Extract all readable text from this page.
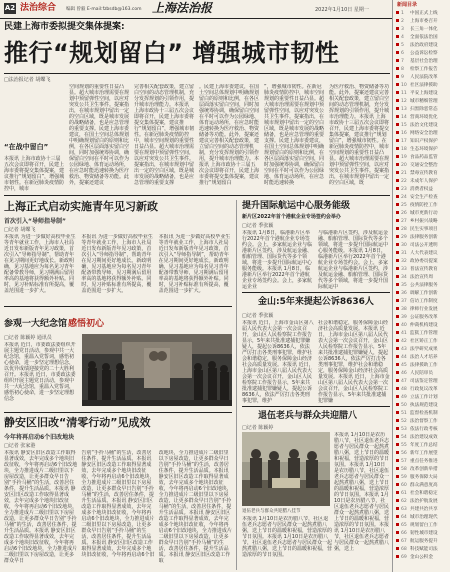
A2 法治综合 编辑 曾毅 E-mail:fzbsdb@163.com 上海法治报	2022年1月10日 星期一
新闻目录
1 中国正式上线
2 上海市委召开
3 长三角一体化
4 全面依法治国
5 法治政府建设
6 公益诉讼检察
7 基层社会治理
8 检察工作报告
9 人民法院改革
10 社区法律援助
11 平安上海建设
12 城市精细管理
13 扫黑除恶常态
14 营商环境优化
15 法治文化建设
16 网络安全治理
17 知识产权保护
18 生态环境保护
19 食品药品监管
20 交通安全整治
21 禁毒宣传教育
22 未成年人保护
23 消费者权益
24 安全生产检查
25 疫情防控工作
26 城市更新行动
27 乡村振兴战略
28 民生实事项目
29 法律服务创新
30 司法公开透明
31 人大代表建议
32 政协委员提案
33 普法宣传教育
34 法治宣传周
35 公共法律服务
36 调解工作创新
37 信访工作制度
38 律师行业发展
39 公证服务改革
40 仲裁机构建设
41 监狱工作管理
42 社区矫正工作
43 法学研究成果
44 法治人才培养
45 法律援助工作
46 人民陪审员
47 司法鉴定管理
48 行政复议改革
49 立法工作计划
50 执法规范建设
51 监督检查机制
52 法治督察工作
53 依法行政考核
54 法治建设成效
55 年度工作总结
56 新年工作展望
57 重点任务推进
58 改革创新举措
59 服务保障大局
60 群众满意度高
61 社会和谐稳定
62 法治护航发展
63 共建共治共享
64 城市治理现代
65 规划留白工作
66 韧性城市建设
67 航运服务提升
68 科技赋能司法
69 金山公积金
民建上海市委拟提交集体提案:
推行“规划留白” 增强城市韧性
□法治报记者 胡蝶飞
“在战中留白”
本报讯 上海市政协十三届五次会议即将召开，民建上海市委将提交集体提案，建议推行“规划留白”，增强城市韧性。在新冠肺炎疫情防控中，城市
空间规划的重要性日益凸显。超大城市治理需要在规划中预留弹性空间，以应对突发公共卫生事件。提案指出，在城市规划中留出一定的空白区域，既是城市发展的战略储备，也是应急管理的重要支撑。民建上海市委建议，在国土空间总体规划中明确规划留白的原则和比例，在各区层面落实留白空间，同时加强统筹协调，确保留白空间在平时可以作为公园绿地、体育运动场所，在应急时能迅速转换为医疗救治、物资储备等功能。此外，提案还建议
完善相关配套政策，建立留白空间的动态管理机制，充分发挥规划的引领作用，提升城市治理能力。本报讯 上海市政协十三届五次会议即将召开，民建上海市委将提交集体提案，建议推行“规划留白”，增强城市韧性。在新冠肺炎疫情防控中，城市空间规划的重要性日益凸显。超大城市治理需要在规划中预留弹性空间，以应对突发公共卫生事件。提案指出，在城市规划中留出一定的空白区域，既是城市发展的战略储备，也是应急管理的重要支撑
。民建上海市委建议，在国土空间总体规划中明确规划留白的原则和比例，在各区层面落实留白空间，同时加强统筹协调，确保留白空间在平时可以作为公园绿地、体育运动场所，在应急时能迅速转换为医疗救治、物资储备等功能。此外，提案还建议完善相关配套政策，建立留白空间的动态管理机制，充分发挥规划的引领作用，提升城市治理能力。本报讯 上海市政协十三届五次会议即将召开，民建上海市委将提交集体提案，建议推行“规划留白
”，增强城市韧性。在新冠肺炎疫情防控中，城市空间规划的重要性日益凸显。超大城市治理需要在规划中预留弹性空间，以应对突发公共卫生事件。提案指出，在城市规划中留出一定的空白区域，既是城市发展的战略储备，也是应急管理的重要支撑。民建上海市委建议，在国土空间总体规划中明确规划留白的原则和比例，在各区层面落实留白空间，同时加强统筹协调，确保留白空间在平时可以作为公园绿地、体育运动场所，在应急时能迅速转换
为医疗救治、物资储备等功能。此外，提案还建议完善相关配套政策，建立留白空间的动态管理机制，充分发挥规划的引领作用，提升城市治理能力。本报讯 上海市政协十三届五次会议即将召开，民建上海市委将提交集体提案，建议推行“规划留白”，增强城市韧性。在新冠肺炎疫情防控中，城市空间规划的重要性日益凸显。超大城市治理需要在规划中预留弹性空间，以应对突发公共卫生事件。提案指出，在城市规划中留出一定的空白区域，既
上海正式启动实施青年见习新政
首次引入“导师指导制”
□记者 胡蝶飞
本报讯 为进一步做好高校毕业生等青年就业工作，上海市人社局近日发布新版青年见习政策，首次引入“导师指导制”，帮助青年在见习期间更好地成长。新政明确，见习基地应为每名见习青年配备带教导师，见习期满后留用率高的基地将获得额外补贴。同时，见习补贴标准有所提高，覆盖范围进一步扩大。
本报讯 为进一步做好高校毕业生等青年就业工作，上海市人社局近日发布新版青年见习政策，首次引入“导师指导制”，帮助青年在见习期间更好地成长。新政明确，见习基地应为每名见习青年配备带教导师，见习期满后留用率高的基地将获得额外补贴。同时，见习补贴标准有所提高，覆盖范围进一步扩大。
本报讯 为进一步做好高校毕业生等青年就业工作，上海市人社局近日发布新版青年见习政策，首次引入“导师指导制”，帮助青年在见习期间更好地成长。新政明确，见习基地应为每名见习青年配备带教导师，见习期满后留用率高的基地将获得额外补贴。同时，见习补贴标准有所提高，覆盖范围进一步扩大。
参观一大纪念馆 感悟初心
□记者 陈颖婷 通讯员
本报讯 近日，市委政法委组织开展主题党日活动，参观中共一大纪念馆，重温入党誓词，感悟初心使命，进一步坚定理想信念，以优异成绩迎接党的二十大胜利召开。本报讯 近日，市委政法委组织开展主题党日活动，参观中共一大纪念馆，重温入党誓词，感悟初心使命，进一步坚定理想信念
静安区旧改“清零行动”见成效
今年将再启动6个旧改地块
□记者 张家港
本报讯 静安区旧区改造工作取得显著成效，去年完成多个地块旧改征收，今年将再启动6个旧改地块，全力推进成片二级旧里以下房屋改造，让更多群众早日告别“手拎马桶”的生活，改善居住条件，提升生活品质。本报讯 静安区旧区改造工作取得显著成效，去年完成多个地块旧改征收，今年将再启动6个旧改地块，全力推进成片二级旧里以下房屋改造，让更多群众早日告别“手拎马桶”的生活，改善居住条件，提升生活品质。本报讯 静安区旧区改造工作取得显著成效，去年完成多个地块旧改征收，今年将再启动6个旧改地块，全力推进成片二级旧里以下房屋改造，让更多群众早日
告别“手拎马桶”的生活，改善居住条件，提升生活品质。本报讯 静安区旧区改造工作取得显著成效，去年完成多个地块旧改征收，今年将再启动6个旧改地块，全力推进成片二级旧里以下房屋改造，让更多群众早日告别“手拎马桶”的生活，改善居住条件，提升生活品质。本报讯 静安区旧区改造工作取得显著成效，去年完成多个地块旧改征收，今年将再启动6个旧改地块，全力推进成片二级旧里以下房屋改造，让更多群众早日告别“手拎马桶”的生活，改善居住条件，提升生活品质。本报讯 静安区旧区改造工作取得显著成效，去年完成多个地块旧改征收，今年将再启动6个旧
改地块，全力推进成片二级旧里以下房屋改造，让更多群众早日告别“手拎马桶”的生活，改善居住条件，提升生活品质。本报讯 静安区旧区改造工作取得显著成效，去年完成多个地块旧改征收，今年将再启动6个旧改地块，全力推进成片二级旧里以下房屋改造，让更多群众早日告别“手拎马桶”的生活，改善居住条件，提升生活品质。本报讯 静安区旧区改造工作取得显著成效，去年完成多个地块旧改征收，今年将再启动6个旧改地块，全力推进成片二级旧里以下房屋改造，让更多群众早日告别“手拎马桶”的生活，改善居住条件，提升生活品质。本报讯 静安区旧区改造工作取
提升国际航运中心服务能级
新片区2022年首个港航企业专场签约会举办
□记者 季张颖
本报讯 1月8日，临港新片区举行2022年首个港航企业专场签约会。会上，多家航运企业与临港新片区签约，涉及航运金融、船舶管理、国际货代等多个领域，将进一步提升国际航运中心服务能级。本报讯 1月8日，临港新片区举行2022年首个港航企业专场签约会。会上，多家航运企业
与临港新片区签约，涉及航运金融、船舶管理、国际货代等多个领域，将进一步提升国际航运中心服务能级。本报讯 1月8日，临港新片区举行2022年首个港航企业专场签约会。会上，多家航运企业与临港新片区签约，涉及航运金融、船舶管理、国际货代等多个领域，将进一步提升国际航运中
金山:5年来提起公诉8636人
□记者 季张颖
本报讯 近日，上海市金山区第八届人民代表大会第一次会议召开，金山区人民检察院工作报告显示，5年来共批准逮捕犯罪嫌疑人，提起公诉8636人，依法严厉打击各类刑事犯罪，维护社会和谐稳定，服务保障金山经济社会高质量发展。本报讯 近日，上海市金山区第八届人民代表大会第一次会议召开，金山区人民检察院工作报告显示，5年来共批准逮捕犯罪嫌疑人，提起公诉8636人，依法严厉打击各类刑事犯罪，维护
社会和谐稳定，服务保障金山经济社会高质量发展。本报讯 近日，上海市金山区第八届人民代表大会第一次会议召开，金山区人民检察院工作报告显示，5年来共批准逮捕犯罪嫌疑人，提起公诉8636人，依法严厉打击各类刑事犯罪，维护社会和谐稳定，服务保障金山经济社会高质量发展。本报讯 近日，上海市金山区第八届人民代表大会第一次会议召开，金山区人民检察院工作报告显示，5年来共批准逮捕犯罪嫌
退伍老兵与群众共迎腊八
□记者 陈颖婷
退伍老兵与群众共迎腊八佳节
本报讯 1月10日是农历腊八节，社区退伍老兵志愿者与居民群众一起熬煮腊八粥，送上节日的温暖和祝福，营造浓厚的节日氛围。本报讯 1月10日是农历腊八节，社区退伍老兵志愿者与居民群众一起熬煮腊八粥，送上节日的温暖和祝福，营造浓厚的节日氛围。本报讯 1月10日是农历腊八节，社区退伍老兵志愿者与居民群众一起熬煮腊八粥，送上节日的温暖和祝福，营造浓厚的节日氛围。本报讯 1月10日是农历腊八节，社区退伍老兵志愿者与居民群众一起熬煮腊八粥，送上
本报讯 1月10日是农历腊八节，社区退伍老兵志愿者与居民群众一起熬煮腊八粥，送上节日的温暖和祝福，营造浓厚的节日氛围。本报讯 1月10日是农历腊八节，社区退伍老兵志愿者与居民群众一起熬煮腊八粥，送上节日的温暖和祝福，营造浓厚的节日氛围。
